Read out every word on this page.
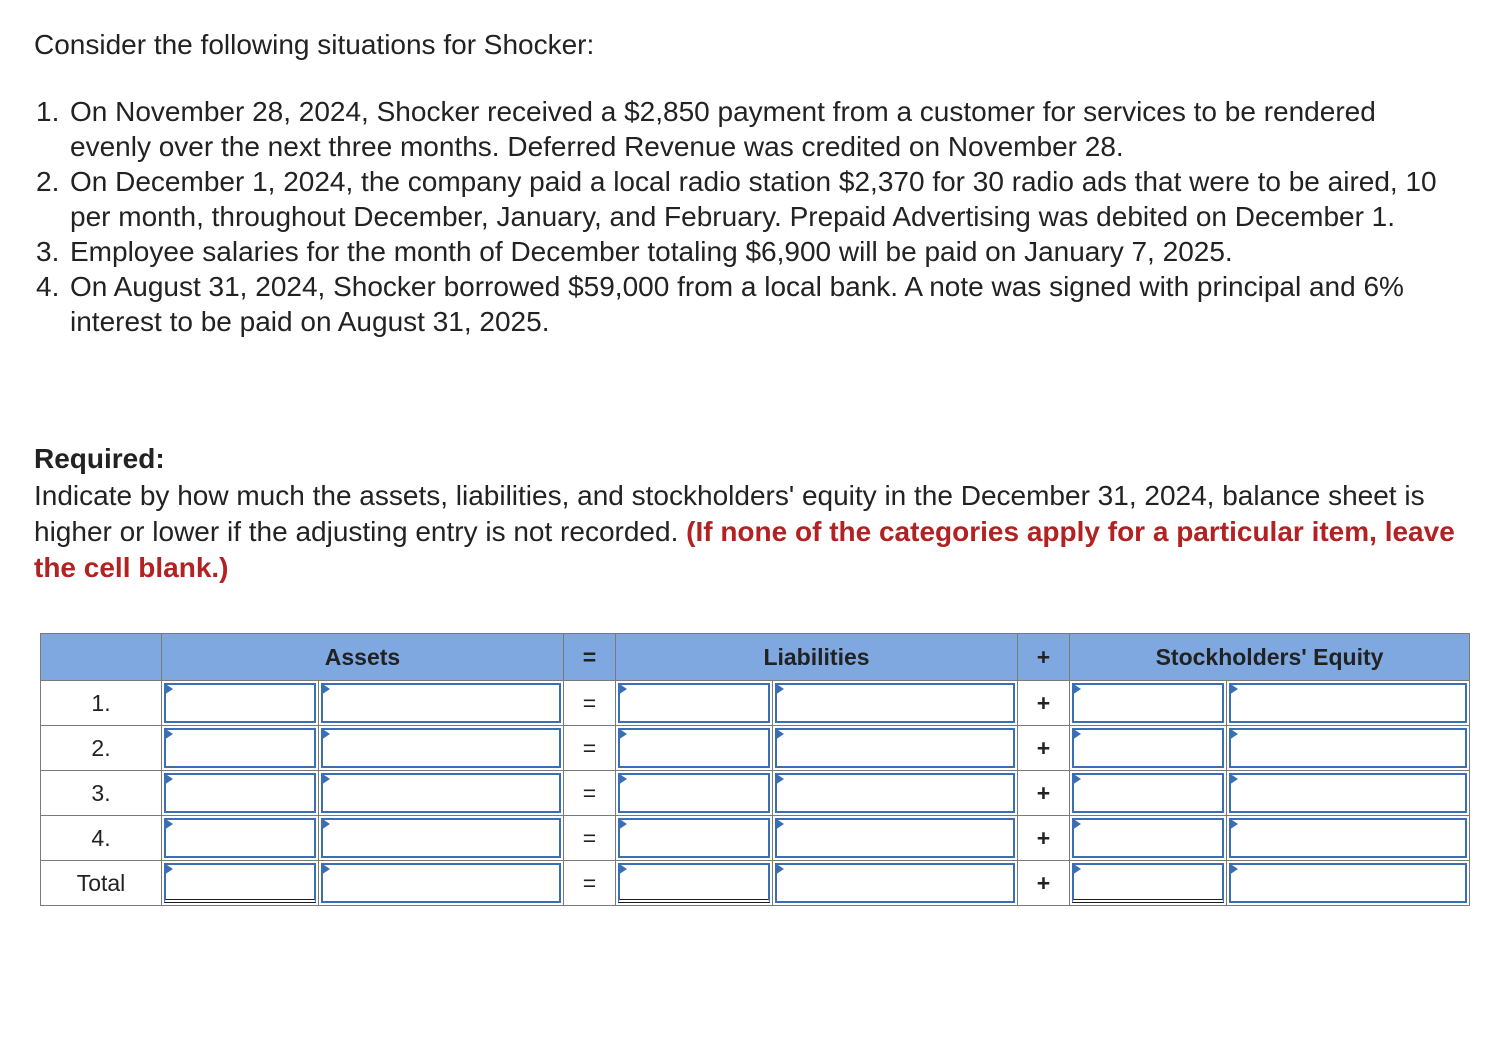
Consider the following situations for Shocker:

1. On November 28, 2024, Shocker received a $2,850 payment from a customer for services to be rendered evenly over the next three months. Deferred Revenue was credited on November 28.
2. On December 1, 2024, the company paid a local radio station $2,370 for 30 radio ads that were to be aired, 10 per month, throughout December, January, and February. Prepaid Advertising was debited on December 1.
3. Employee salaries for the month of December totaling $6,900 will be paid on January 7, 2025.
4. On August 31, 2024, Shocker borrowed $59,000 from a local bank. A note was signed with principal and 6% interest to be paid on August 31, 2025.
Required:
Indicate by how much the assets, liabilities, and stockholders' equity in the December 31, 2024, balance sheet is higher or lower if the adjusting entry is not recorded. (If none of the categories apply for a particular item, leave the cell blank.)
	Assets		=	Liabilities		+	Stockholders' Equity	
1.			=			+	

2.			=			+	

3.			=			+	

4.			=			+	

Total			=			+	
